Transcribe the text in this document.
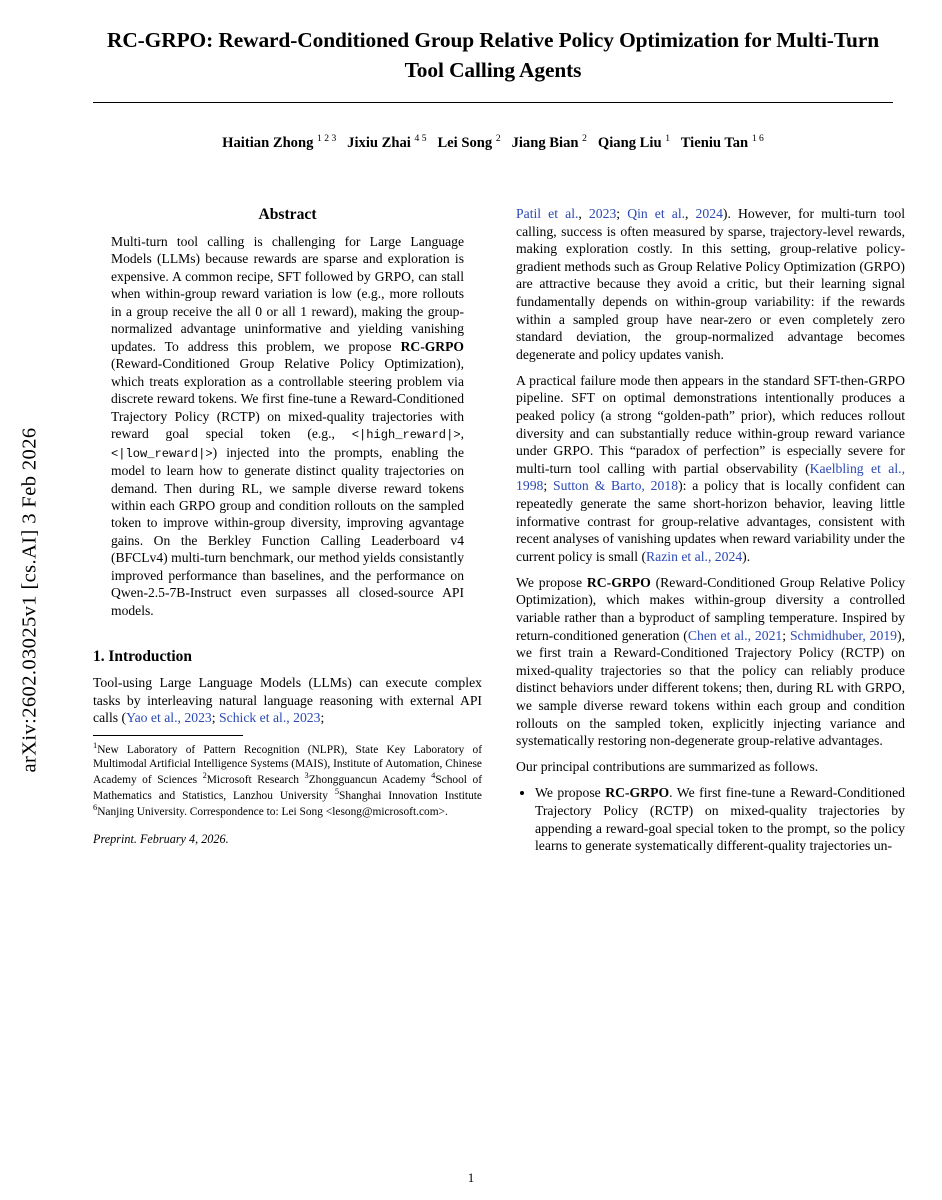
arXiv:2602.03025v1 [cs.AI] 3 Feb 2026
RC-GRPO: Reward-Conditioned Group Relative Policy Optimization for Multi-Turn Tool Calling Agents
Haitian Zhong $^{1 2 3}$   Jixiu Zhai $^{4 5}$   Lei Song $^2$   Jiang Bian $^2$   Qiang Liu $^1$   Tieniu Tan $^{1 6}$
Abstract

Multi-turn tool calling is challenging for Large Language Models (LLMs) because rewards are sparse and exploration is expensive. A common recipe, SFT followed by GRPO, can stall when within-group reward variation is low (e.g., more rollouts in a group receive the all 0 or all 1 reward), making the group-normalized advantage uninformative and yielding vanishing updates. To address this problem, we propose RC-GRPO (Reward-Conditioned Group Relative Policy Optimization), which treats exploration as a controllable steering problem via discrete reward tokens. We first fine-tune a Reward-Conditioned Trajectory Policy (RCTP) on mixed-quality trajectories with reward goal special token (e.g., <|high_reward|>, <|low_reward|>) injected into the prompts, enabling the model to learn how to generate distinct quality trajectories on demand. Then during RL, we sample diverse reward tokens within each GRPO group and condition rollouts on the sampled token to improve within-group diversity, improving agvantage gains. On the Berkley Function Calling Leaderboard v4 (BFCLv4) multi-turn benchmark, our method yields consistantly improved performance than baselines, and the performance on Qwen-2.5-7B-Instruct even surpasses all closed-source API models.

1. Introduction

Tool-using Large Language Models (LLMs) can execute complex tasks by interleaving natural language reasoning with external API calls (Yao et al., 2023; Schick et al., 2023;

$^1$New Laboratory of Pattern Recognition (NLPR), State Key Laboratory of Multimodal Artificial Intelligence Systems (MAIS), Institute of Automation, Chinese Academy of Sciences $^2$Microsoft Research $^3$Zhongguancun Academy $^4$School of Mathematics and Statistics, Lanzhou University $^5$Shanghai Innovation Institute $^6$Nanjing University. Correspondence to: Lei Song <lesong@microsoft.com>.
Preprint. February 4, 2026.

Patil et al., 2023; Qin et al., 2024). However, for multi-turn tool calling, success is often measured by sparse, trajectory-level rewards, making exploration costly. In this setting, group-relative policy-gradient methods such as Group Relative Policy Optimization (GRPO) are attractive because they avoid a critic, but their learning signal fundamentally depends on within-group variability: if the rewards within a sampled group have near-zero or even completely zero standard deviation, the group-normalized advantage becomes degenerate and policy updates vanish.

A practical failure mode then appears in the standard SFT-then-GRPO pipeline. SFT on optimal demonstrations intentionally produces a peaked policy (a strong “golden-path” prior), which reduces rollout diversity and can substantially reduce within-group reward variance under GRPO. This “paradox of perfection” is especially severe for multi-turn tool calling with partial observability (Kaelbling et al., 1998; Sutton & Barto, 2018): a policy that is locally confident can repeatedly generate the same short-horizon behavior, leaving little informative contrast for group-relative advantages, consistent with recent analyses of vanishing updates when reward variability under the current policy is small (Razin et al., 2024).

We propose RC-GRPO (Reward-Conditioned Group Relative Policy Optimization), which makes within-group diversity a controlled variable rather than a byproduct of sampling temperature. Inspired by return-conditioned generation (Chen et al., 2021; Schmidhuber, 2019), we first train a Reward-Conditioned Trajectory Policy (RCTP) on mixed-quality trajectories so that the policy can reliably produce distinct behaviors under different tokens; then, during RL with GRPO, we sample diverse reward tokens within each group and condition rollouts on the sampled token, explicitly injecting variance and systematically restoring non-degenerate group-relative advantages.

Our principal contributions are summarized as follows.

• We propose RC-GRPO. We first fine-tune a Reward-Conditioned Trajectory Policy (RCTP) on mixed-quality trajectories by appending a reward-goal special token to the prompt, so the policy learns to generate systematically different-quality trajectories un-
1
